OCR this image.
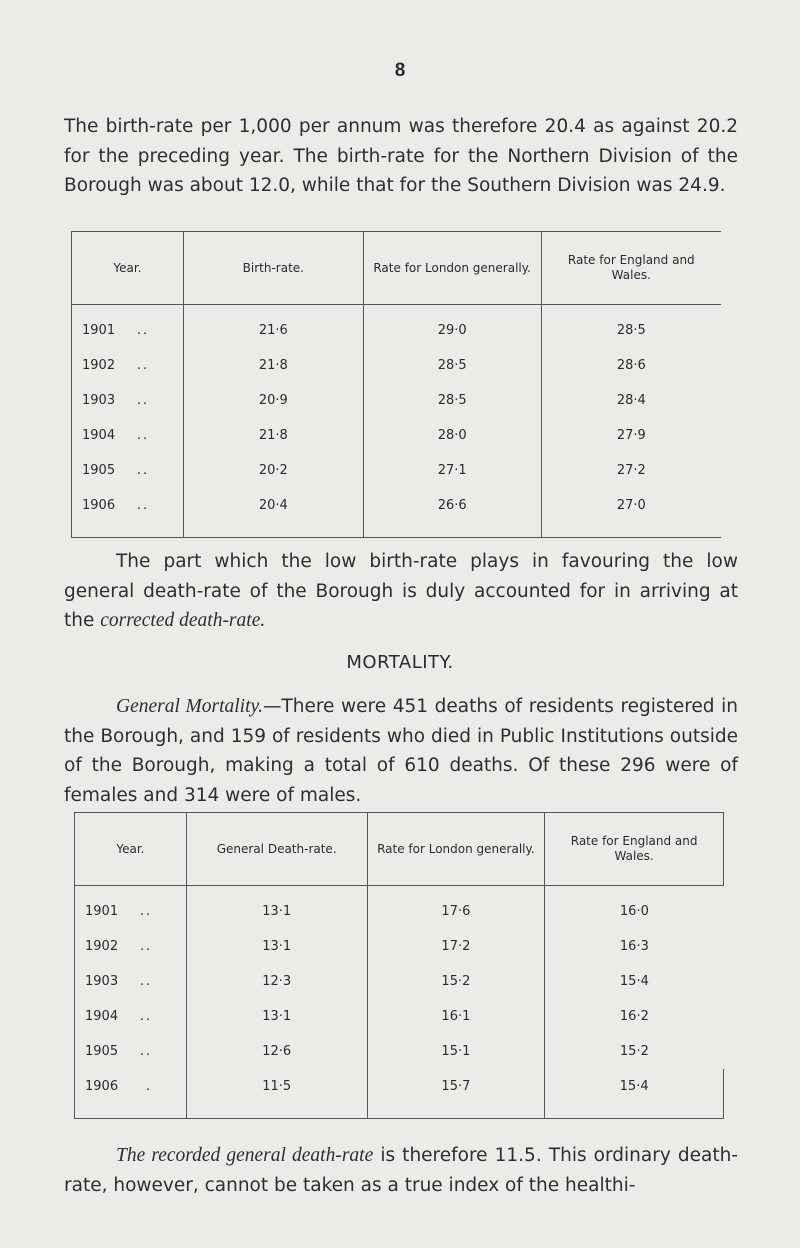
8

The birth-rate per 1,000 per annum was therefore 20.4 as against 20.2 for the preceding year. The birth-rate for the Northern Division of the Borough was about 12.0, while that for the Southern Division was 24.9.

Year.	Birth-rate.	Rate for London generally.	Rate for England and Wales.
1901 ..	21·6	29·0	28·5
1902 ..	21·8	28·5	28·6
1903 ..	20·9	28·5	28·4
1904 ..	21·8	28·0	27·9
1905 ..	20·2	27·1	27·2
1906 ..	20·4	26·6	27·0

The part which the low birth-rate plays in favouring the low general death-rate of the Borough is duly accounted for in arriving at the corrected death-rate.

MORTALITY.

General Mortality.—There were 451 deaths of residents registered in the Borough, and 159 of residents who died in Public Institutions outside of the Borough, making a total of 610 deaths. Of these 296 were of females and 314 were of males.

Year.	General Death-rate.	Rate for London generally.	Rate for England and Wales.
1901 ..	13·1	17·6	16·0
1902 ..	13·1	17·2	16·3
1903 ..	12·3	15·2	15·4
1904 ..	13·1	16·1	16·2
1905 ..	12·6	15·1	15·2
1906 .	11·5	15·7	15·4

The recorded general death-rate is therefore 11.5. This ordinary death-rate, however, cannot be taken as a true index of the healthi-
